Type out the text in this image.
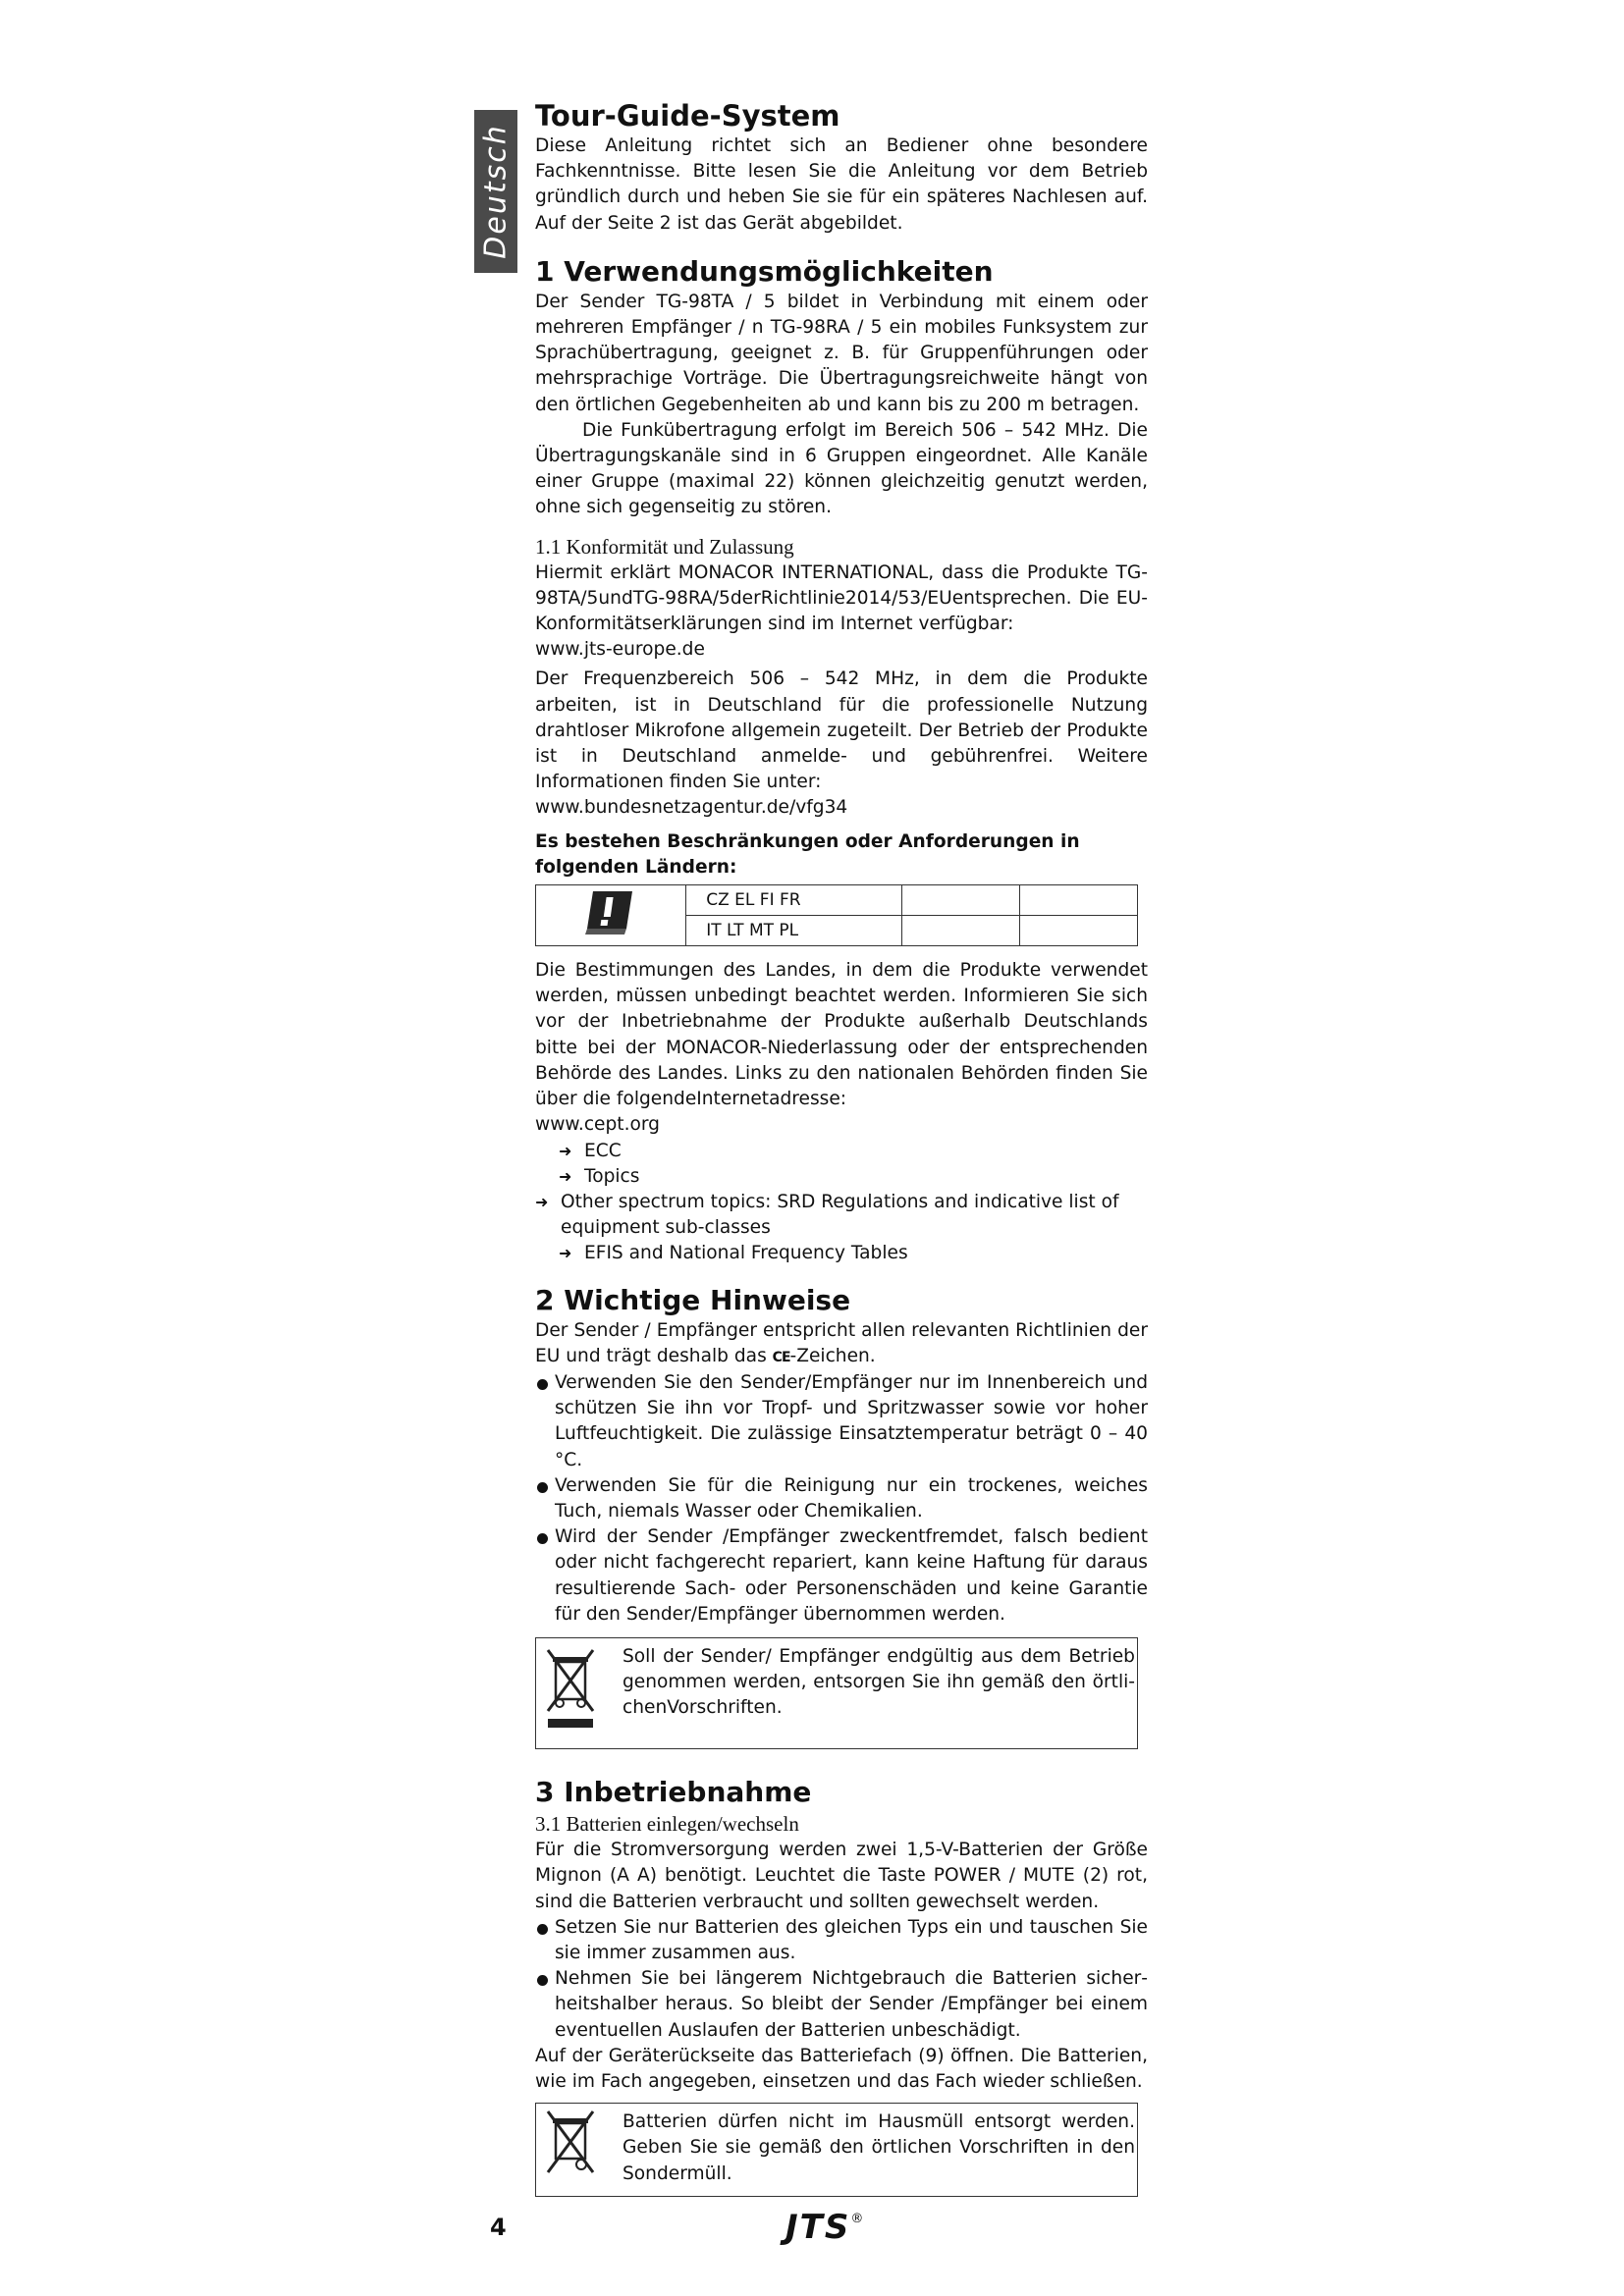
Deutsch
Tour-Guide-System

Diese Anleitung richtet sich an Bediener ohne besondere Fachkenntnisse. Bitte lesen Sie die Anleitung vor dem Betrieb gründlich durch und heben Sie sie für ein späteres Nachlesen auf. Auf der Seite 2 ist das Gerät abgebildet.

1 Verwendungsmöglichkeiten

Der Sender TG-98TA / 5 bildet in Verbindung mit einem oder mehreren Empfänger / n TG-98RA / 5 ein mobiles Funksystem zur Sprachübertragung, geeignet z. B. für Gruppenführungen oder mehrsprachige Vorträge. Die Übertragungsreichweite hängt von den örtlichen Gegebenheiten ab und kann bis zu 200 m betragen.

Die Funkübertragung erfolgt im Bereich 506 – 542 MHz. Die Übertragungskanäle sind in 6 Gruppen eingeordnet. Alle Kanäle einer Gruppe (maximal 22) können gleichzeitig genutzt werden, ohne sich gegenseitig zu stören.

1.1 Konformität und Zulassung

Hiermit erklärt MONACOR INTERNATIONAL, dass die Produkte TG-98TA/5undTG-98RA/5derRichtlinie2014/53/EUentsprechen. Die EU-Konformitätserklärungen sind im Internet verfügbar:

www.jts-europe.de

Der Frequenzbereich 506 – 542 MHz, in dem die Produkte arbeiten, ist in Deutschland für die professionelle Nutzung drahtloser Mikrofone allgemein zugeteilt. Der Betrieb der Produkte ist in Deutschland anmelde- und gebührenfrei. Weitere Informationen finden Sie unter:

www.bundesnetzagentur.de/vfg34

Es bestehen Beschränkungen oder Anforderungen in folgenden Ländern:

	CZ EL FI FR		
	IT LT MT PL		

Die Bestimmungen des Landes, in dem die Produkte verwendet werden, müssen unbedingt beachtet werden. Informieren Sie sich vor der Inbetriebnahme der Produkte außerhalb Deutschlands bitte bei der MONACOR-Niederlassung oder der entsprechenden Behörde des Landes. Links zu den nationalen Behörden finden Sie über die folgendeInternetadresse:

www.cept.org

➜ ECC
➜ Topics
➜ Other spectrum topics: SRD Regulations and indicative list of equipment sub-classes
➜ EFIS and National Frequency Tables
2 Wichtige Hinweise

Der Sender / Empfänger entspricht allen relevanten Richtlinien der EU und trägt deshalb das CE-Zeichen.

Verwenden Sie den Sender/Empfänger nur im Innenbereich und schützen Sie ihn vor Tropf- und Spritzwasser sowie vor hoher Luftfeuchtigkeit. Die zulässige Einsatztemperatur beträgt 0 – 40 °C.
Verwenden Sie für die Reinigung nur ein trockenes, weiches Tuch, niemals Wasser oder Chemikalien.
Wird der Sender /Empfänger zweckentfremdet, falsch bedient oder nicht fachgerecht repariert, kann keine Haftung für daraus resultierende Sach- oder Personenschäden und keine Garantie für den Sender/Empfänger übernommen werden.
Soll der Sender/ Empfänger endgültig aus dem Betrieb genommen werden, entsorgen Sie ihn gemäß den örtlichenVorschriften.
3 Inbetriebnahme
3.1 Batterien einlegen/wechseln

Für die Stromversorgung werden zwei 1,5-V-Batterien der Größe Mignon (A A) benötigt. Leuchtet die Taste POWER / MUTE (2) rot, sind die Batterien verbraucht und sollten gewechselt werden.

Setzen Sie nur Batterien des gleichen Typs ein und tauschen Sie sie immer zusammen aus.
Nehmen Sie bei längerem Nichtgebrauch die Batterien sicherheitshalber heraus. So bleibt der Sender /Empfänger bei einem eventuellen Auslaufen der Batterien unbeschädigt.

Auf der Geräterückseite das Batteriefach (9) öffnen. Die Batterien, wie im Fach angegeben, einsetzen und das Fach wieder schließen.

Batterien dürfen nicht im Hausmüll entsorgt werden. Geben Sie sie gemäß den örtlichen Vorschriften in den Sondermüll.
4	JTS®
